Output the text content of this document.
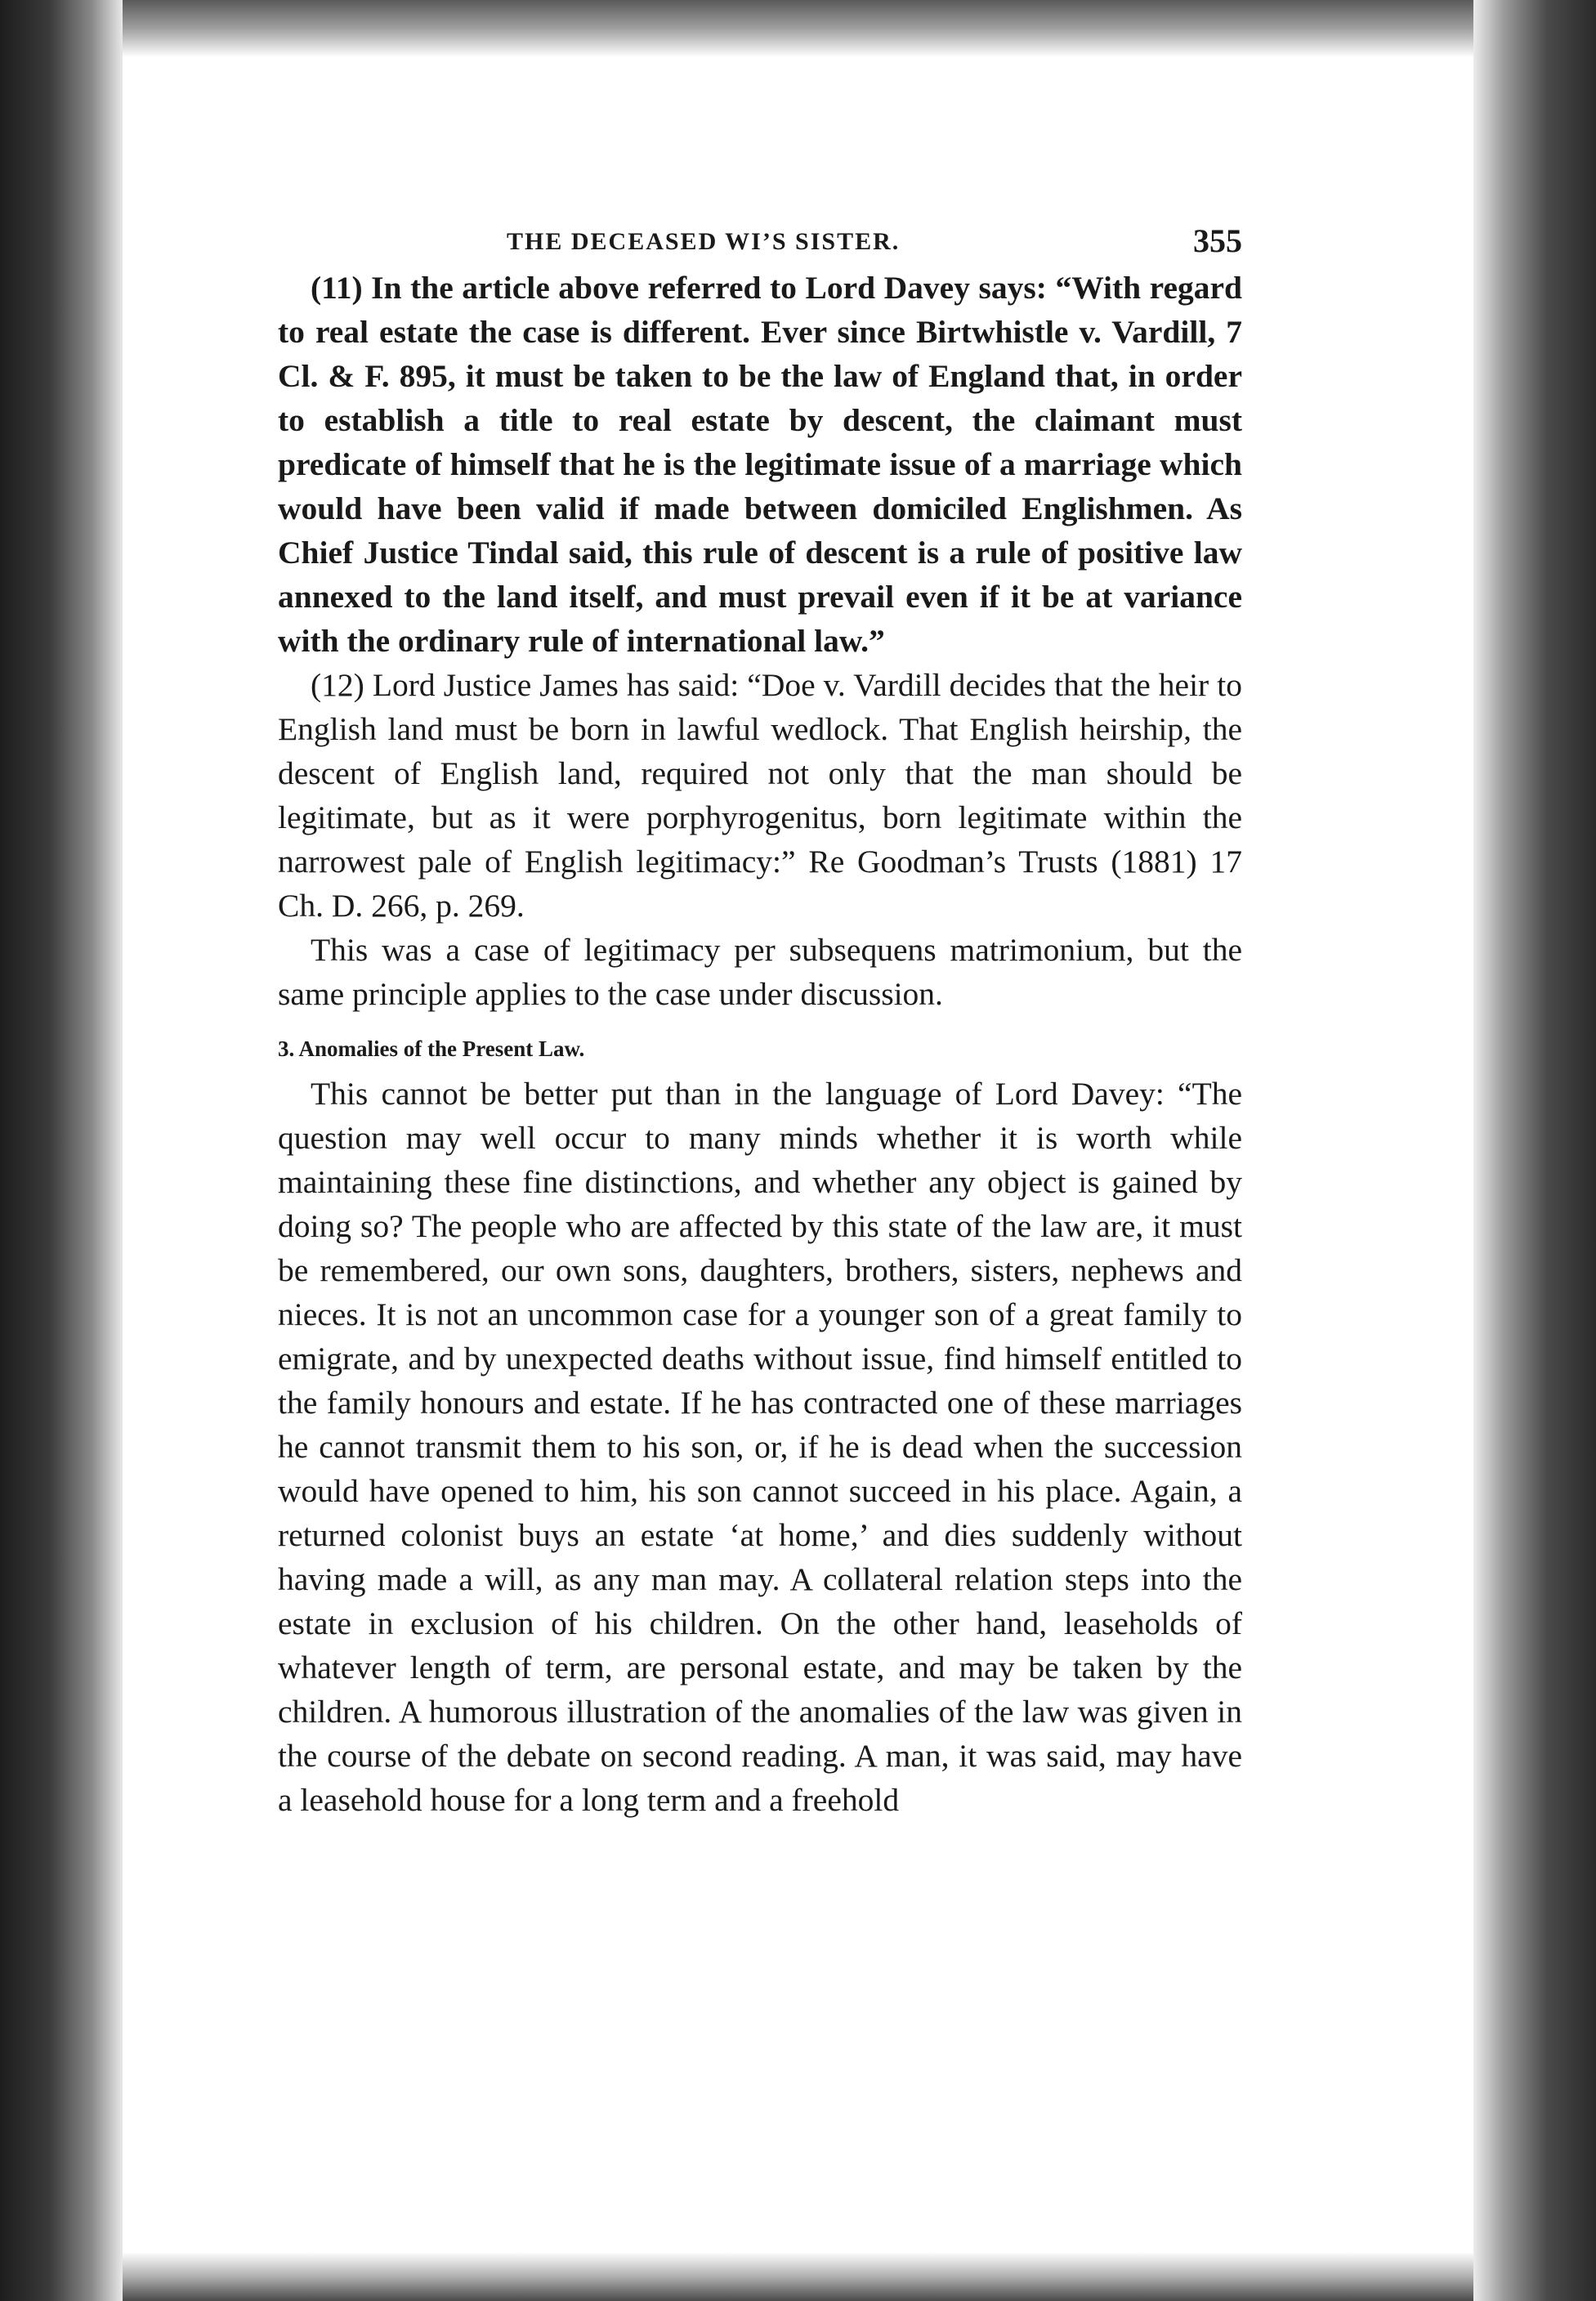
THE DECEASED WI’S SISTER.	355

(11) In the article above referred to Lord Davey says: “With regard to real estate the case is different. Ever since Birtwhistle v. Vardill, 7 Cl. & F. 895, it must be taken to be the law of England that, in order to establish a title to real estate by descent, the claimant must predicate of himself that he is the legitimate issue of a marriage which would have been valid if made between domiciled Englishmen. As Chief Justice Tindal said, this rule of descent is a rule of positive law annexed to the land itself, and must prevail even if it be at variance with the ordinary rule of international law.”

(12) Lord Justice James has said: “Doe v. Vardill decides that the heir to English land must be born in lawful wedlock. That English heirship, the descent of English land, required not only that the man should be legitimate, but as it were porphyrogenitus, born legitimate within the narrowest pale of English legitimacy:” Re Goodman’s Trusts (1881) 17 Ch. D. 266, p. 269.

This was a case of legitimacy per subsequens matrimonium, but the same principle applies to the case under discussion.

3. Anomalies of the Present Law.

This cannot be better put than in the language of Lord Davey: “The question may well occur to many minds whether it is worth while maintaining these fine distinctions, and whether any object is gained by doing so? The people who are affected by this state of the law are, it must be remembered, our own sons, daughters, brothers, sisters, nephews and nieces. It is not an uncommon case for a younger son of a great family to emigrate, and by unexpected deaths without issue, find himself entitled to the family honours and estate. If he has contracted one of these marriages he cannot transmit them to his son, or, if he is dead when the succession would have opened to him, his son cannot succeed in his place. Again, a returned colonist buys an estate ‘at home,’ and dies suddenly without having made a will, as any man may. A collateral relation steps into the estate in exclusion of his children. On the other hand, leaseholds of whatever length of term, are personal estate, and may be taken by the children. A humorous illustration of the anomalies of the law was given in the course of the debate on second reading. A man, it was said, may have a leasehold house for a long term and a freehold
